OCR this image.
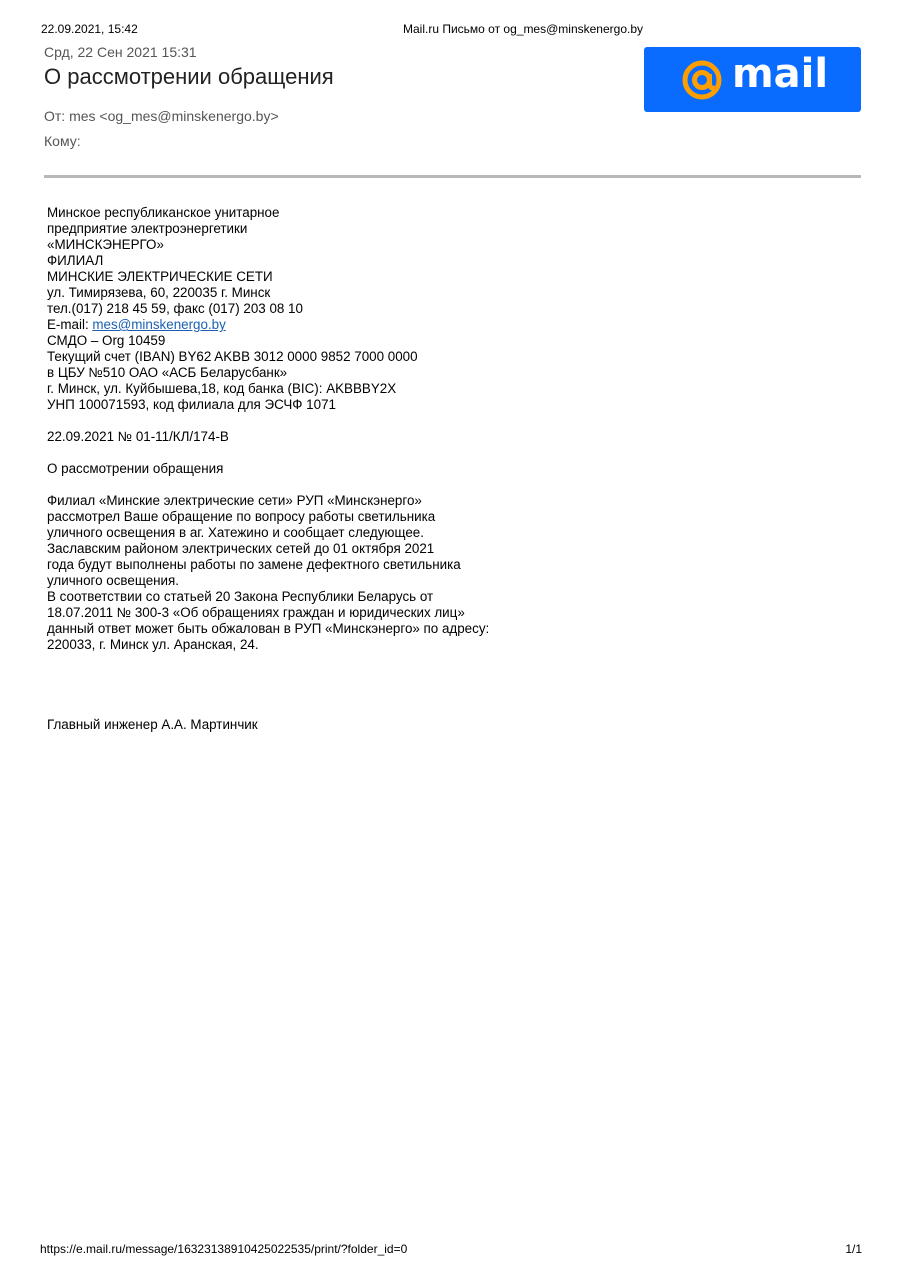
22.09.2021, 15:42	Mail.ru Письмо от og_mes@minskenergo.by
Срд, 22 Сен 2021 15:31
О рассмотрении обращения
От: mes <og_mes@minskenergo.by>
Кому:
mail
Минское республиканское унитарное
предприятие электроэнергетики
«МИНСКЭНЕРГО»
ФИЛИАЛ
МИНСКИЕ ЭЛЕКТРИЧЕСКИЕ СЕТИ
ул. Тимирязева, 60, 220035 г. Минск
тел.(017) 218 45 59, факс (017) 203 08 10
E-mail: mes@minskenergo.by
СМДО – Org 10459
Текущий счет (IBAN) BY62 AKBB 3012 0000 9852 7000 0000
в ЦБУ №510 ОАО «АСБ Беларусбанк»
г. Минск, ул. Куйбышева,18, код банка (BIC): AKBBBY2X
УНП 100071593, код филиала для ЭСЧФ 1071
22.09.2021 № 01-11/КЛ/174-В
О рассмотрении обращения
Филиал «Минские электрические сети» РУП «Минскэнерго»
рассмотрел Ваше обращение по вопросу работы светильника
уличного освещения в аг. Хатежино и сообщает следующее.
Заславским районом электрических сетей до 01 октября 2021
года будут выполнены работы по замене дефектного светильника
уличного освещения.
В соответствии со статьей 20 Закона Республики Беларусь от
18.07.2011 № 300-3 «Об обращениях граждан и юридических лиц»
данный ответ может быть обжалован в РУП «Минскэнерго» по адресу:
220033, г. Минск ул. Аранская, 24.
Главный инженер А.А. Мартинчик
https://e.mail.ru/message/16323138910425022535/print/?folder_id=0	1/1
